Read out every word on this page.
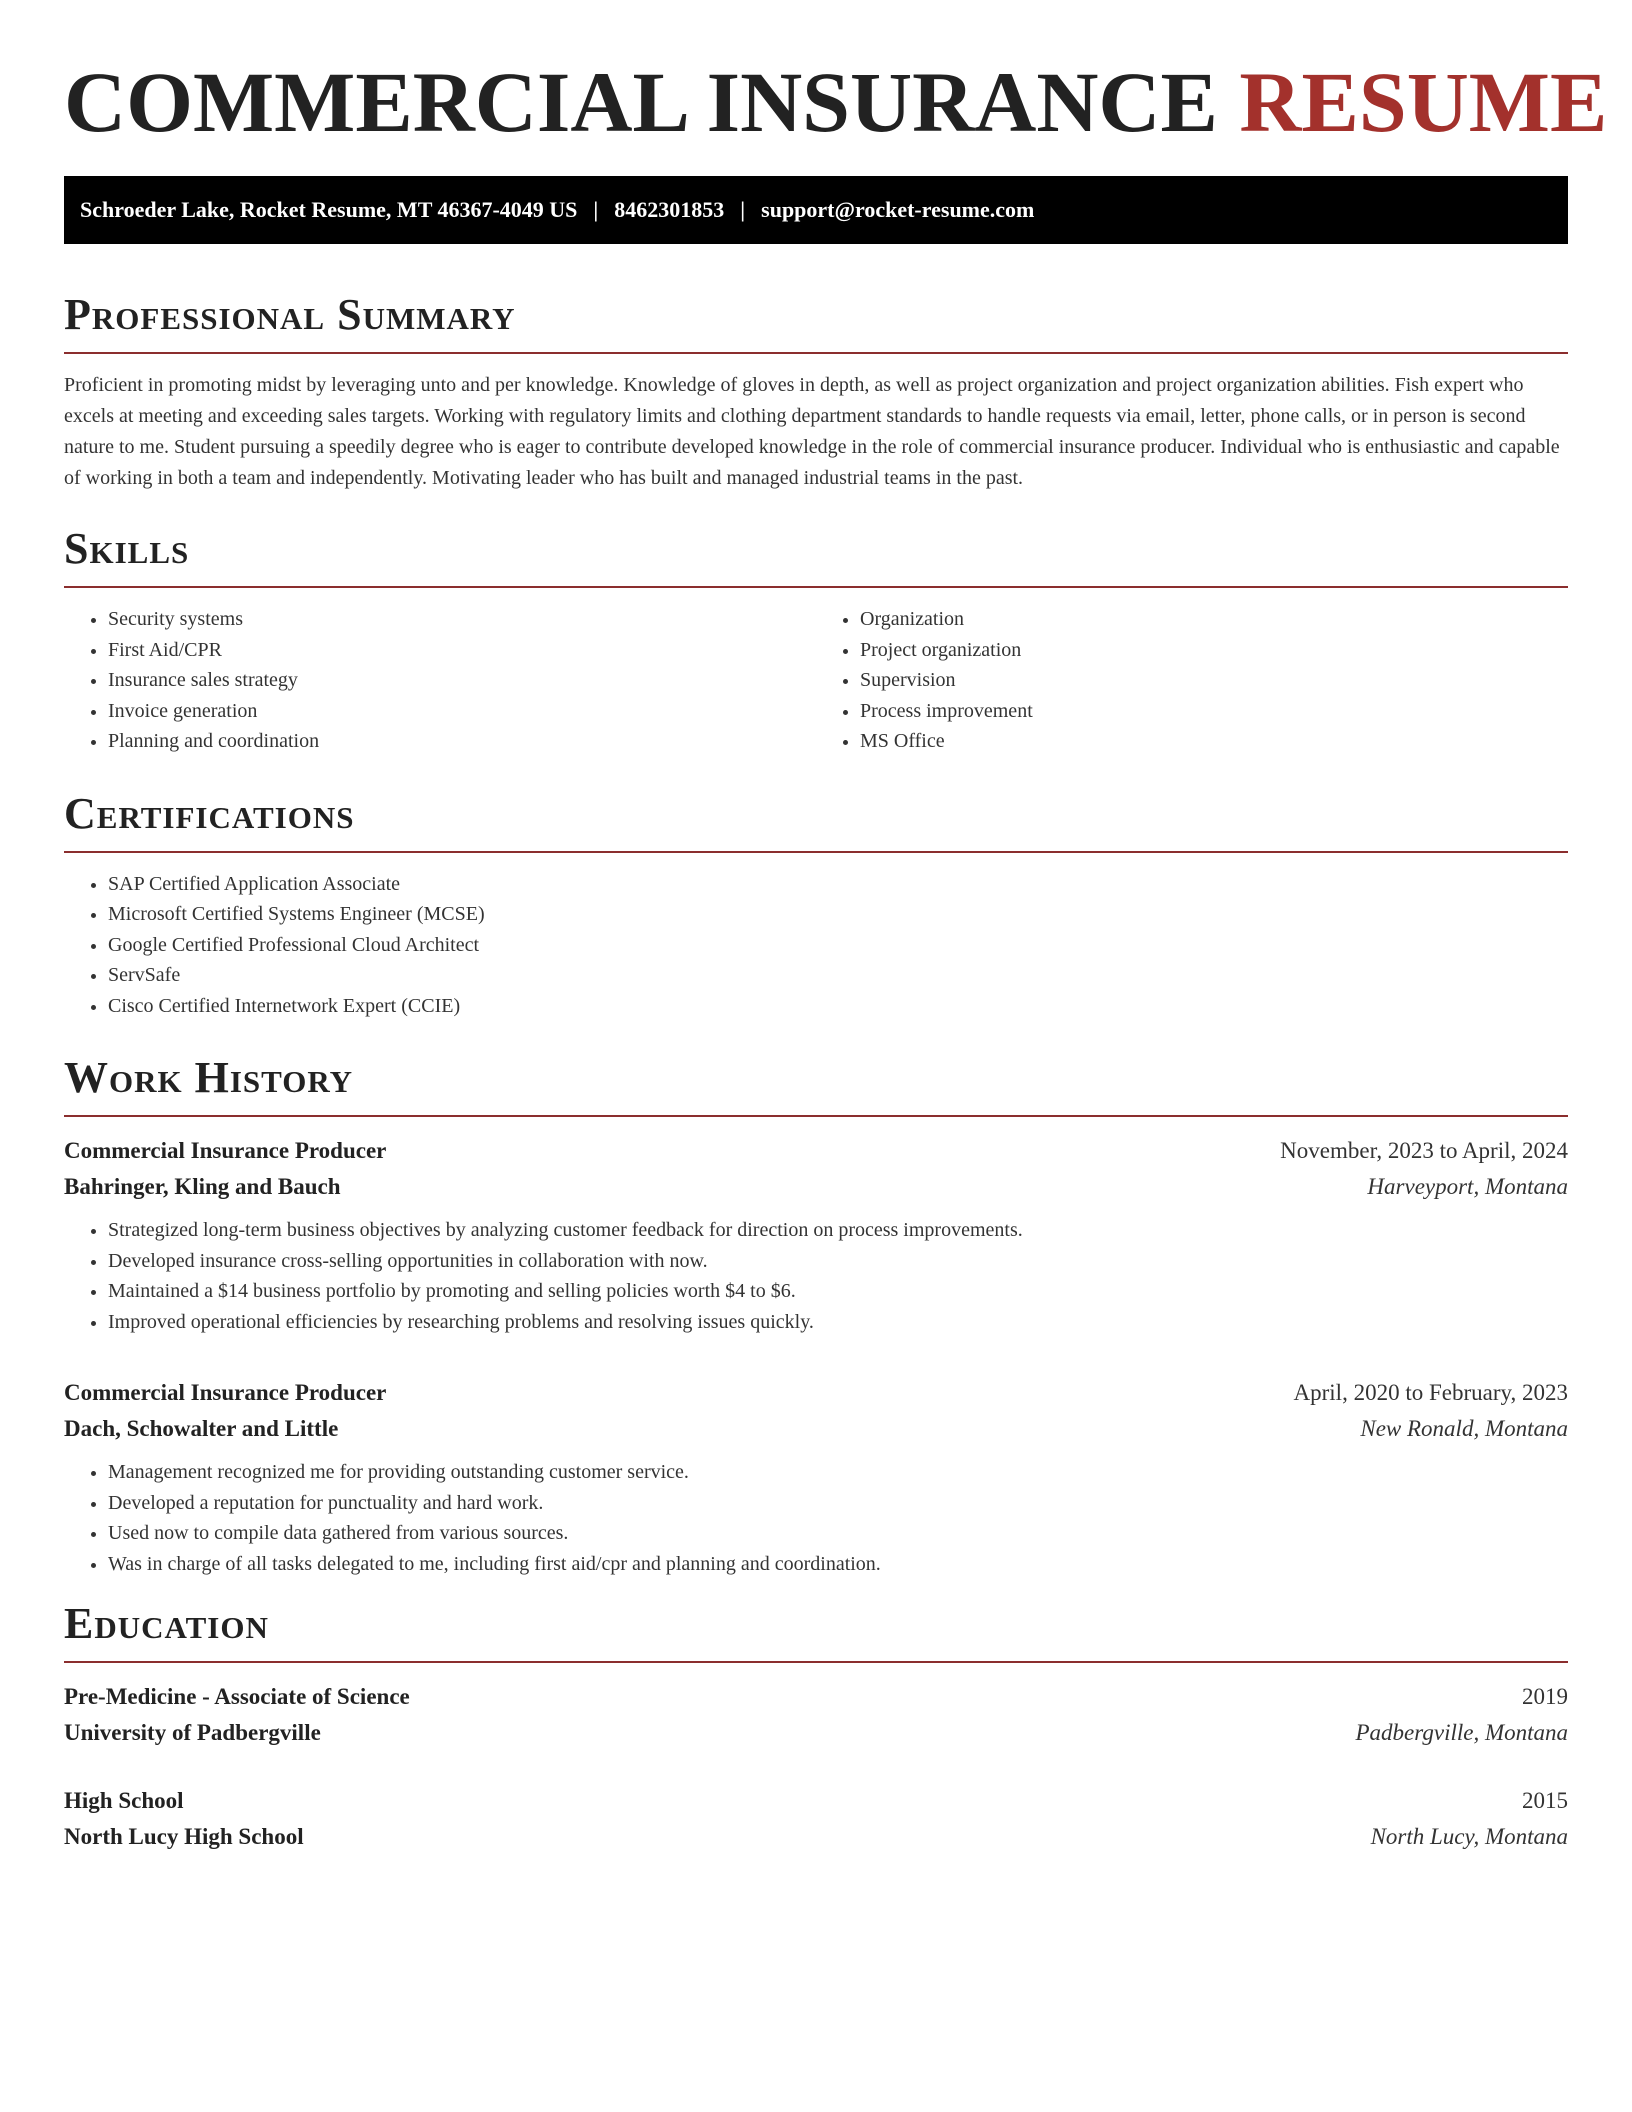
COMMERCIAL INSURANCE RESUME
Schroeder Lake, Rocket Resume, MT 46367-4049 US | 8462301853 | support@rocket-resume.com
Professional Summary

Proficient in promoting midst by leveraging unto and per knowledge. Knowledge of gloves in depth, as well as project organization and project organization abilities. Fish expert who excels at meeting and exceeding sales targets. Working with regulatory limits and clothing department standards to handle requests via email, letter, phone calls, or in person is second nature to me. Student pursuing a speedily degree who is eager to contribute developed knowledge in the role of commercial insurance producer. Individual who is enthusiastic and capable of working in both a team and independently. Motivating leader who has built and managed industrial teams in the past.

Skills
• Security systems
• First Aid/CPR
• Insurance sales strategy
• Invoice generation
• Planning and coordination
• Organization
• Project organization
• Supervision
• Process improvement
• MS Office
Certifications
• SAP Certified Application Associate
• Microsoft Certified Systems Engineer (MCSE)
• Google Certified Professional Cloud Architect
• ServSafe
• Cisco Certified Internetwork Expert (CCIE)
Work History
Commercial Insurance Producer	November, 2023 to April, 2024
Bahringer, Kling and Bauch	Harveyport, Montana
• Strategized long-term business objectives by analyzing customer feedback for direction on process improvements.
• Developed insurance cross-selling opportunities in collaboration with now.
• Maintained a $14 business portfolio by promoting and selling policies worth $4 to $6.
• Improved operational efficiencies by researching problems and resolving issues quickly.
Commercial Insurance Producer	April, 2020 to February, 2023
Dach, Schowalter and Little	New Ronald, Montana
• Management recognized me for providing outstanding customer service.
• Developed a reputation for punctuality and hard work.
• Used now to compile data gathered from various sources.
• Was in charge of all tasks delegated to me, including first aid/cpr and planning and coordination.
Education
Pre-Medicine - Associate of Science	2019
University of Padbergville	Padbergville, Montana
High School	2015
North Lucy High School	North Lucy, Montana
